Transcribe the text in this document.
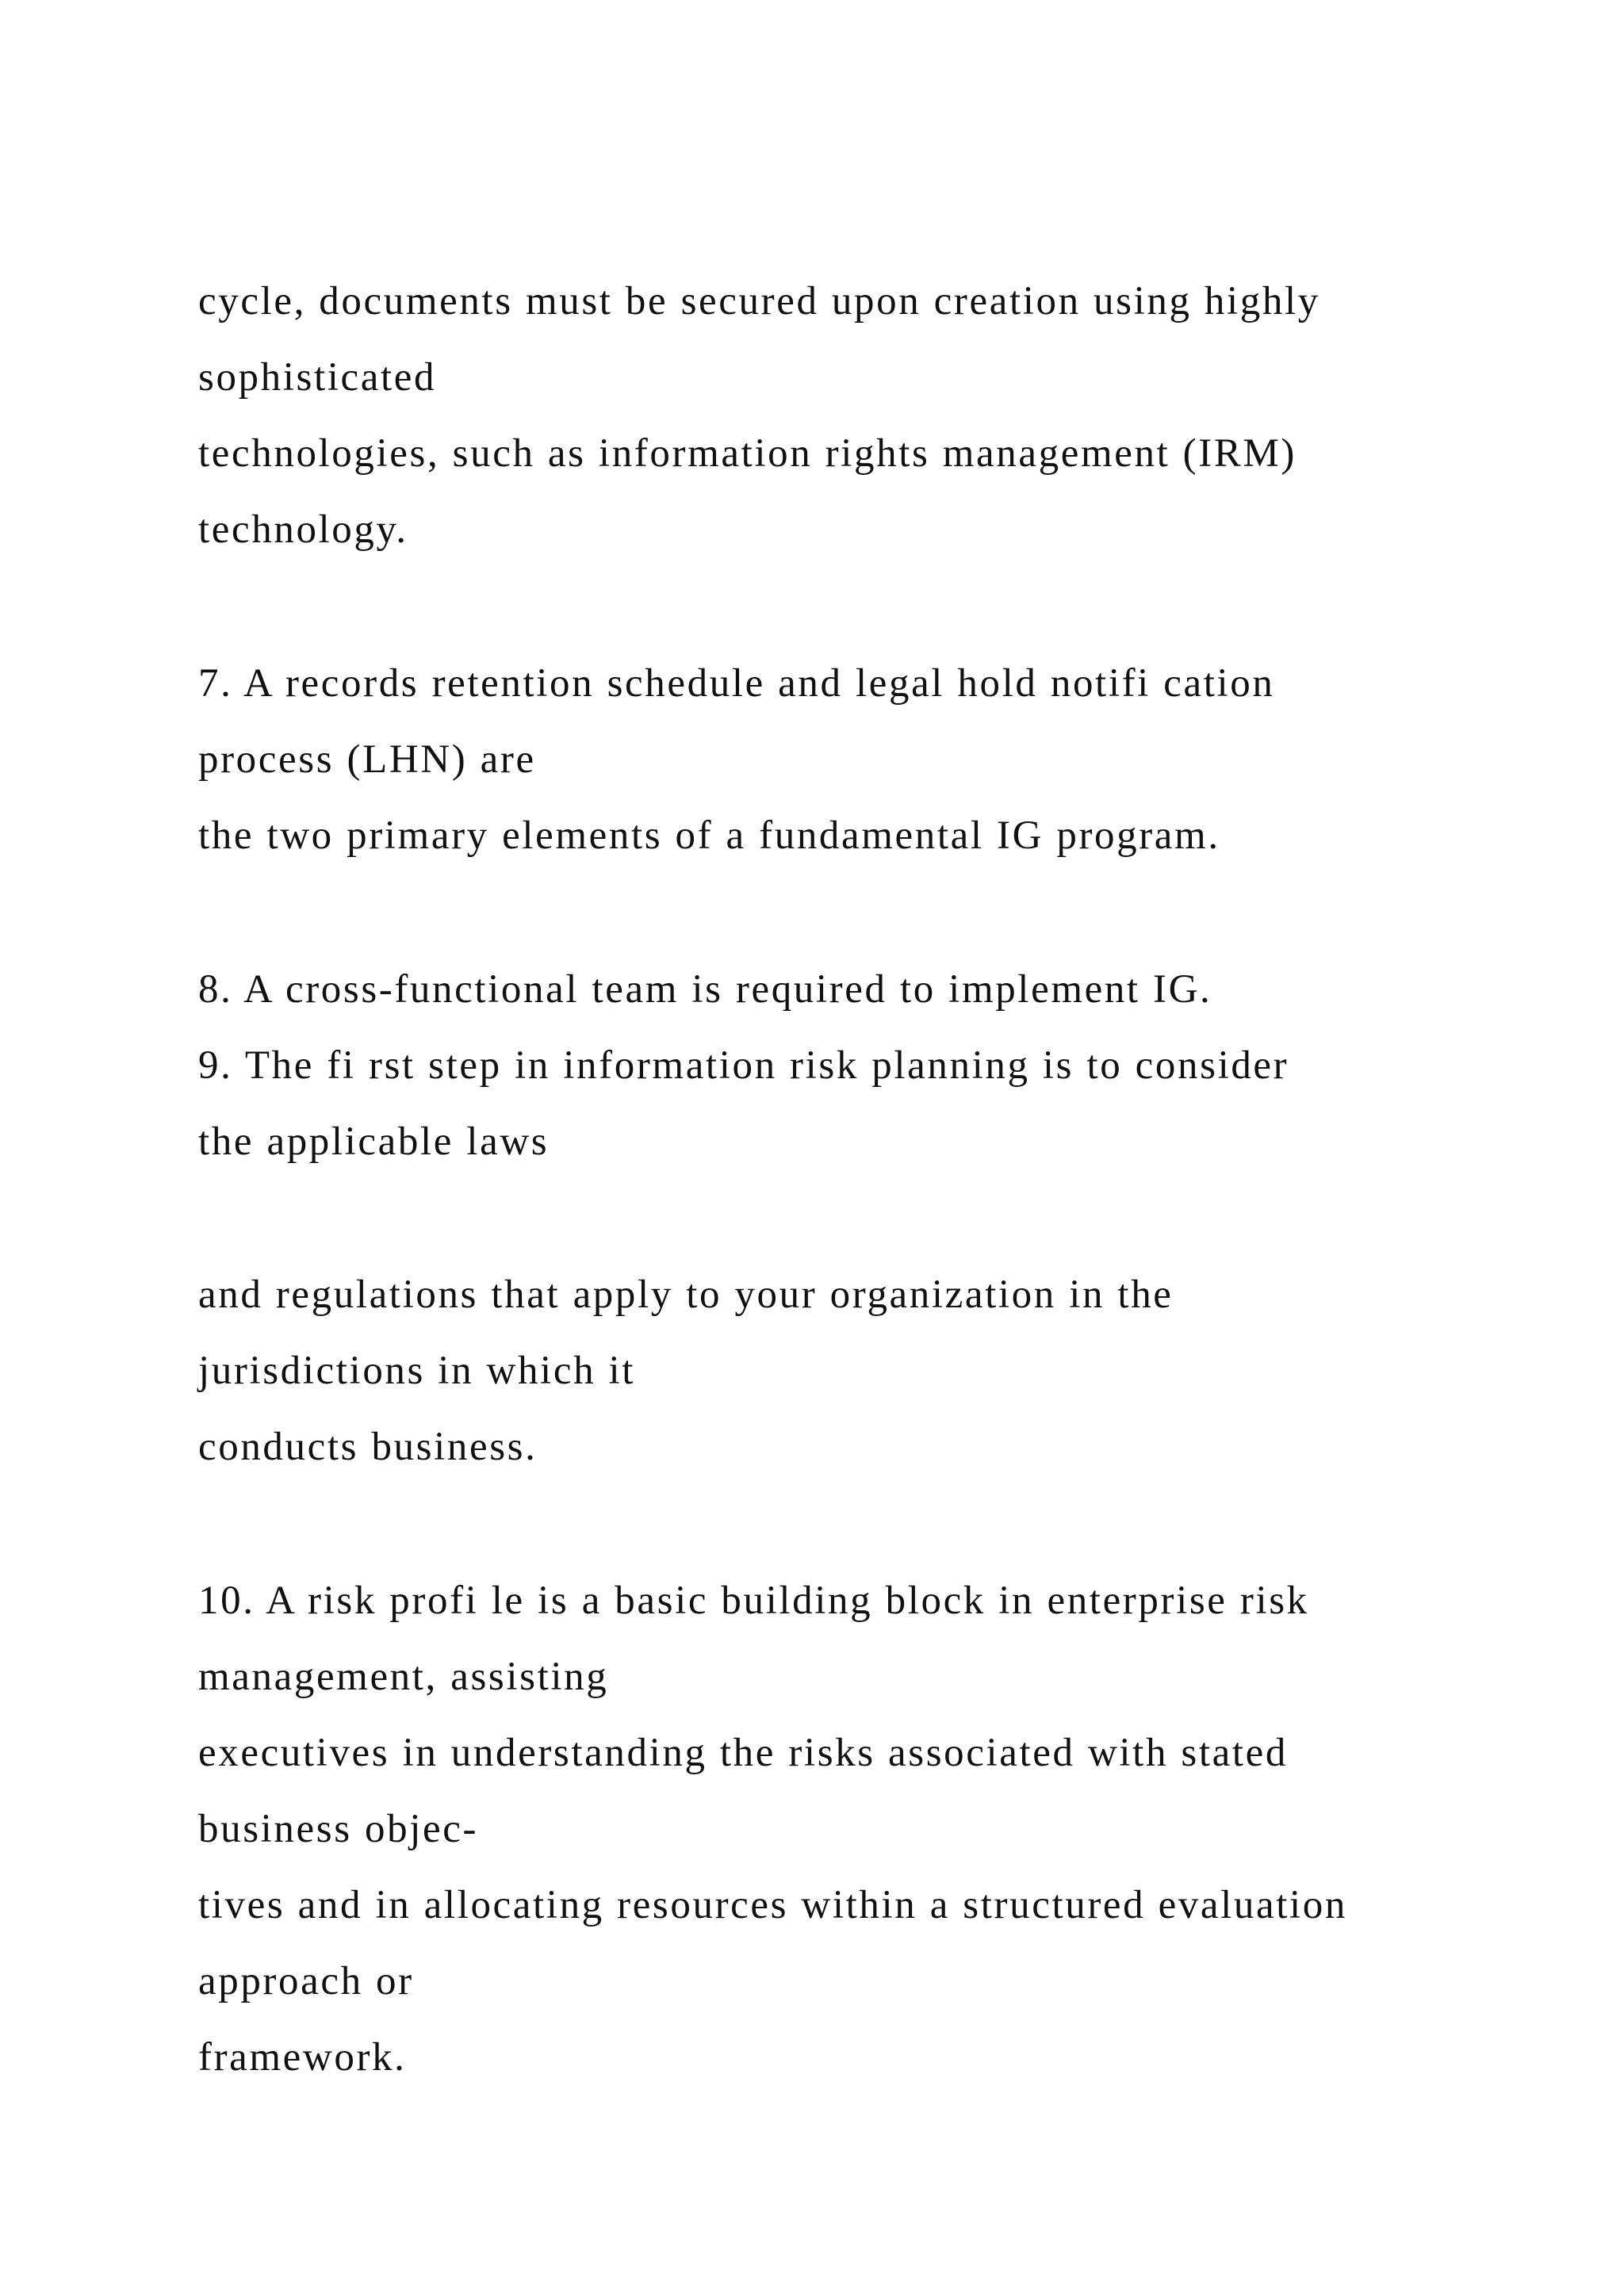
cycle, documents must be secured upon creation using highly
sophisticated
technologies, such as information rights management (IRM)
technology.
7. A records retention schedule and legal hold notifi cation
process (LHN) are
the two primary elements of a fundamental IG program.
8. A cross-functional team is required to implement IG.
9. The fi rst step in information risk planning is to consider
the applicable laws
and regulations that apply to your organization in the
jurisdictions in which it
conducts business.
10. A risk profi le is a basic building block in enterprise risk
management, assisting
executives in understanding the risks associated with stated
business objec-
tives and in allocating resources within a structured evaluation
approach or
framework.
